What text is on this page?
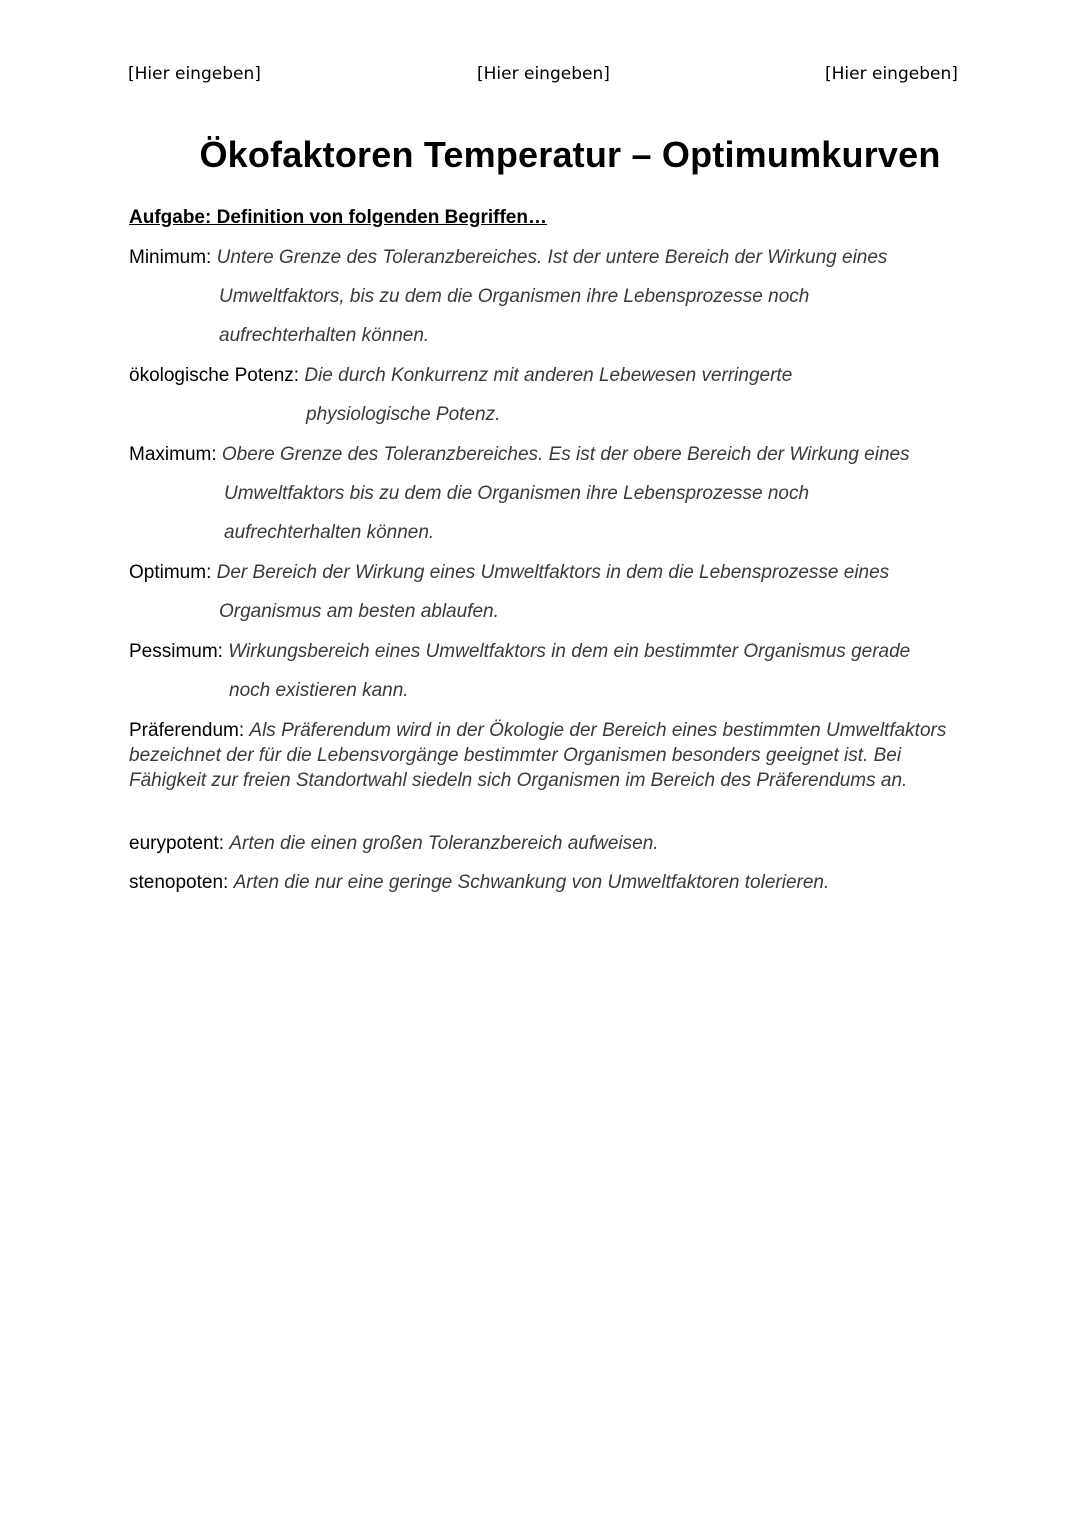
[Hier eingeben]	[Hier eingeben]	[Hier eingeben]
Ökofaktoren Temperatur – Optimumkurven
Aufgabe: Definition von folgenden Begriffen…
Minimum: Untere Grenze des Toleranzbereiches. Ist der untere Bereich der Wirkung eines
Umweltfaktors, bis zu dem die Organismen ihre Lebensprozesse noch
aufrechterhalten können.
ökologische Potenz: Die durch Konkurrenz mit anderen Lebewesen verringerte
physiologische Potenz.
Maximum: Obere Grenze des Toleranzbereiches. Es ist der obere Bereich der Wirkung eines
Umweltfaktors bis zu dem die Organismen ihre Lebensprozesse noch
aufrechterhalten können.
Optimum: Der Bereich der Wirkung eines Umweltfaktors in dem die Lebensprozesse eines
Organismus am besten ablaufen.
Pessimum: Wirkungsbereich eines Umweltfaktors in dem ein bestimmter Organismus gerade
noch existieren kann.
Präferendum: Als Präferendum wird in der Ökologie der Bereich eines bestimmten Umweltfaktors bezeichnet der für die Lebensvorgänge bestimmter Organismen besonders geeignet ist. Bei Fähigkeit zur freien Standortwahl siedeln sich Organismen im Bereich des Präferendums an.
eurypotent: Arten die einen großen Toleranzbereich aufweisen.
stenopoten: Arten die nur eine geringe Schwankung von Umweltfaktoren tolerieren.
